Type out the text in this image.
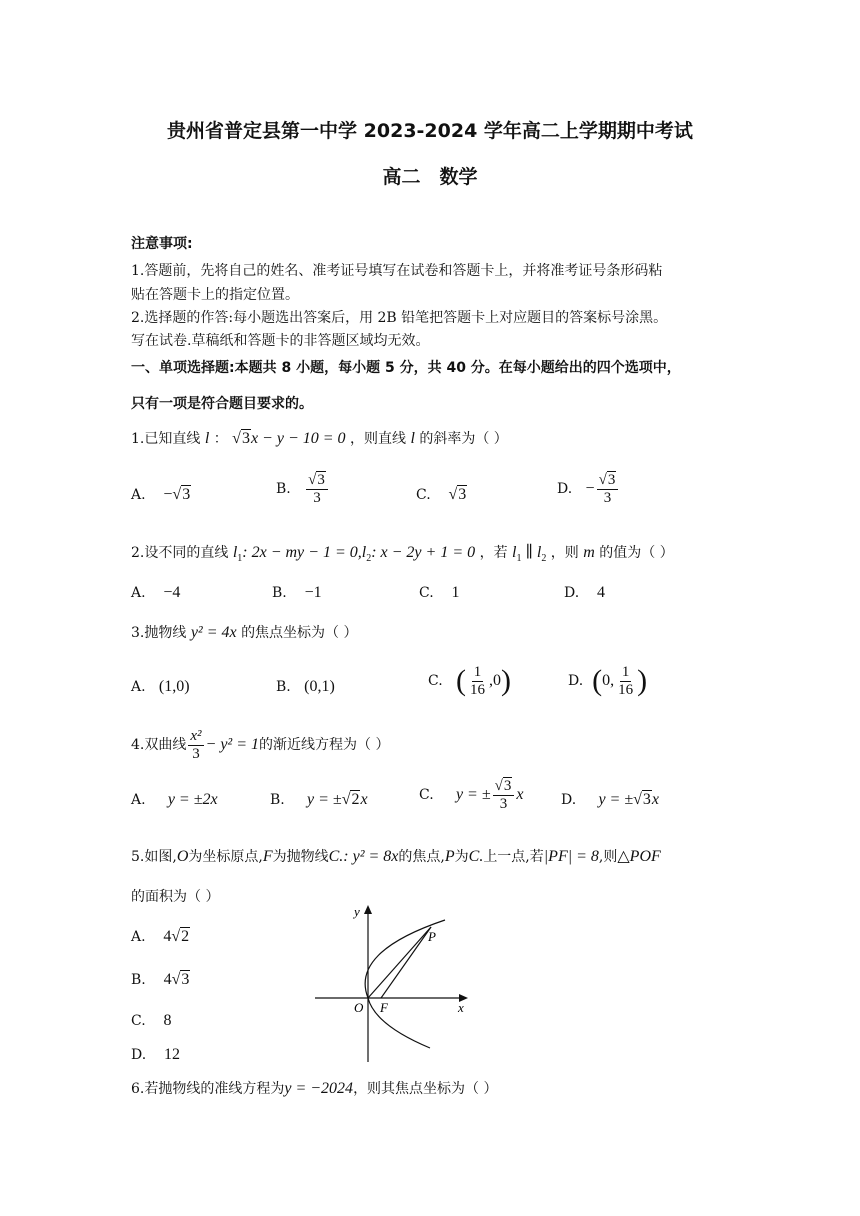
贵州省普定县第一中学 2023-2024 学年高二上学期期中考试
高二　数学
注意事项:
1.答题前，先将自己的姓名、准考证号填写在试卷和答题卡上，并将准考证号条形码粘
贴在答题卡上的指定位置。
2.选择题的作答:每小题选出答案后，用 2B 铅笔把答题卡上对应题目的答案标号涂黑。
写在试卷.草稿纸和答题卡的非答题区域均无效。
一、单项选择题:本题共 8 小题，每小题 5 分，共 40 分。在每小题给出的四个选项中，
只有一项是符合题目要求的。
1.已知直线 l ： √3x − y − 10 = 0 ，则直线 l 的斜率为（ ）
A. −√3	B. $\frac{√3}{3}$	C. √3	D. − $\frac{√3}{3}$
2.设不同的直线 $l_1$: 2x − my − $1 = 0,l_2$: x − 2y + 1 = 0 ，若 $l_1$ ∥ $l_2$ ，则 m 的值为（ ）
A. −4	B. −1	C. 1	D. 4
3.抛物线 y² = 4x 的焦点坐标为（ ）
A. (1,0)	B. (0,1)	C. ( $\frac{1}{16} ,0$)	D. (0, $\frac{1}{16}$ )
4.双曲线 $\frac{\text{x²}}{3} - y^2 = 1$的渐近线方程为（ ）
A. y = ±2x	B. y = ±√2x	C. y = ± $\frac{√3}{3}$ x	D. y = ±√3x
5.如图,O为坐标原点,F为抛物线C.: y² = 8x的焦点,P为C.上一点,若|PF| = 8,则△POF
的面积为（ ）
A. 4√2
B. 4√3
C. 8
D. 12
y
x
O F
P
6.若抛物线的准线方程为y = −2024，则其焦点坐标为（ ）
